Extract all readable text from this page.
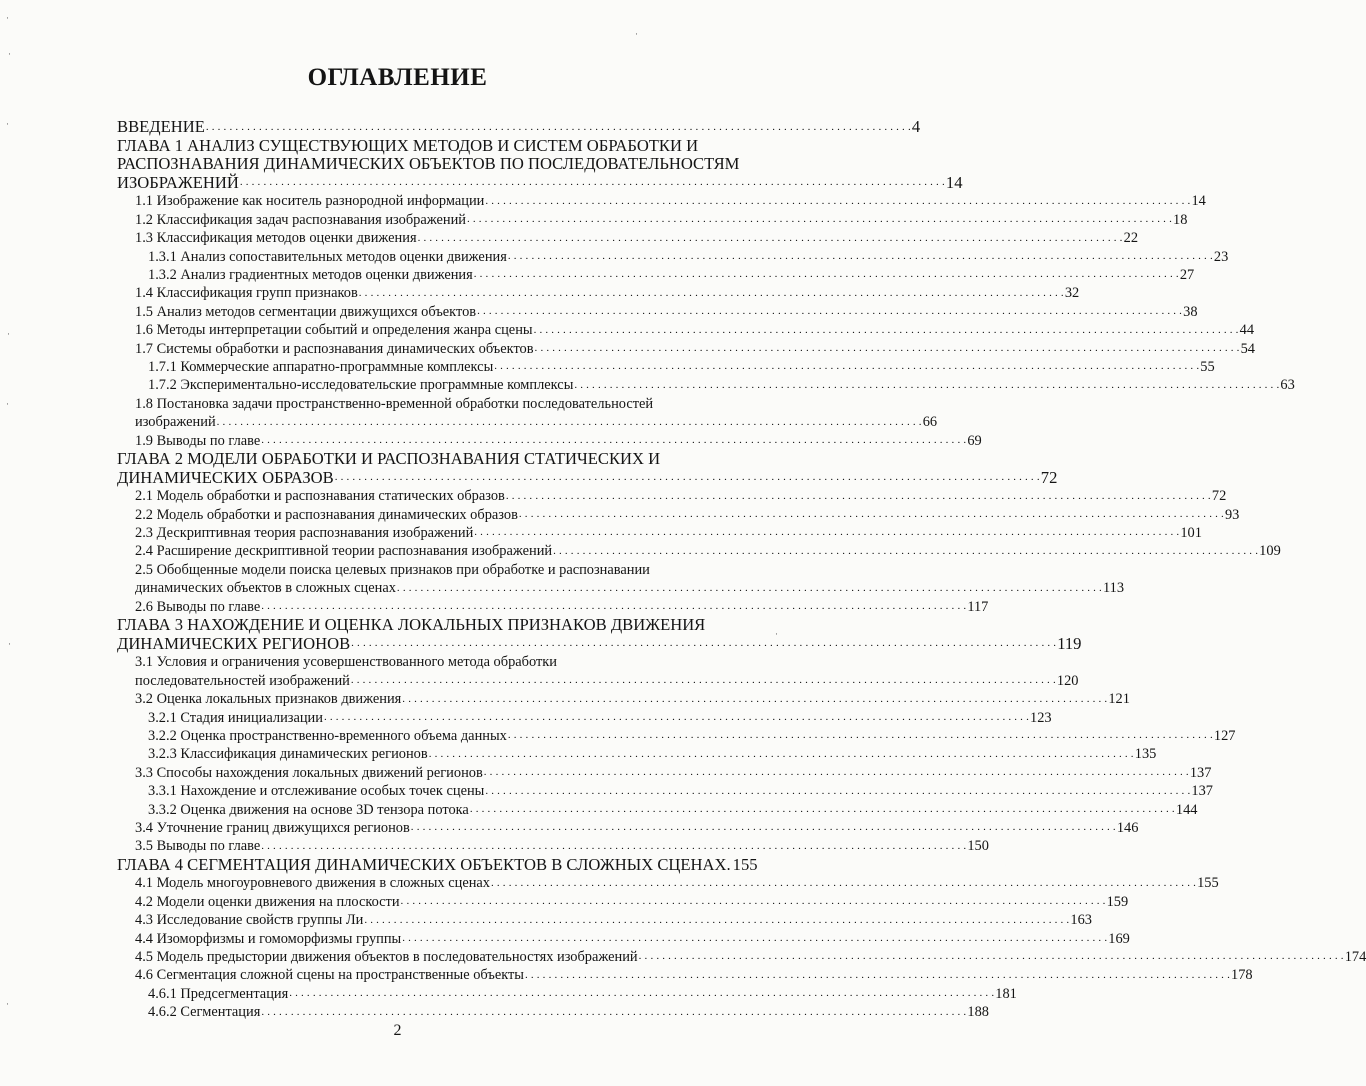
ОГЛАВЛЕНИЕ
ВВЕДЕНИЕ . . . . . . . . . . . . . . . . . . . . . . . . . . . . . . . . . . . . . . . . . . . . . . . . . . . . . . . . . . . . . . . . . . . . . . . . . . . . . . . . . . . . . . . . . . . . . . . . . . . . . . . . . . . . . . . . . . . . . . . . 4
ГЛАВА 1 АНАЛИЗ СУЩЕСТВУЮЩИХ МЕТОДОВ И СИСТЕМ ОБРАБОТКИ И
РАСПОЗНАВАНИЯ ДИНАМИЧЕСКИХ ОБЪЕКТОВ ПО ПОСЛЕДОВАТЕЛЬНОСТЯМ
ИЗОБРАЖЕНИЙ . . . . . . . . . . . . . . . . . . . . . . . . . . . . . . . . . . . . . . . . . . . . . . . . . . . . . . . . . . . . . . . . . . . . . . . . . . . . . . . . . . . . . . . . . . . . . . . . . . . . . . . . . . . . . . . . . . . . . . . . 14
1.1 Изображение как носитель разнородной информации . . . . . . . . . . . . . . . . . . . . . . . . . . . . . . . . . . . . . . . . . . . . . . . . . . . . . . . . . . . . . . . . . . . . . . . . . . . . . . . . . . . . . . . . . . . . . . . . . . . . . . . . . . . . . . . . . . . . . . . . 14
1.2 Классификация задач распознавания изображений . . . . . . . . . . . . . . . . . . . . . . . . . . . . . . . . . . . . . . . . . . . . . . . . . . . . . . . . . . . . . . . . . . . . . . . . . . . . . . . . . . . . . . . . . . . . . . . . . . . . . . . . . . . . . . . . . . . . . . . . 18
1.3 Классификация методов оценки движения . . . . . . . . . . . . . . . . . . . . . . . . . . . . . . . . . . . . . . . . . . . . . . . . . . . . . . . . . . . . . . . . . . . . . . . . . . . . . . . . . . . . . . . . . . . . . . . . . . . . . . . . . . . . . . . . . . . . . . . . 22
1.3.1 Анализ сопоставительных методов оценки движения . . . . . . . . . . . . . . . . . . . . . . . . . . . . . . . . . . . . . . . . . . . . . . . . . . . . . . . . . . . . . . . . . . . . . . . . . . . . . . . . . . . . . . . . . . . . . . . . . . . . . . . . . . . . . . . . . . . . . . . . 23
1.3.2 Анализ градиентных методов оценки движения . . . . . . . . . . . . . . . . . . . . . . . . . . . . . . . . . . . . . . . . . . . . . . . . . . . . . . . . . . . . . . . . . . . . . . . . . . . . . . . . . . . . . . . . . . . . . . . . . . . . . . . . . . . . . . . . . . . . . . . . 27
1.4 Классификация групп признаков . . . . . . . . . . . . . . . . . . . . . . . . . . . . . . . . . . . . . . . . . . . . . . . . . . . . . . . . . . . . . . . . . . . . . . . . . . . . . . . . . . . . . . . . . . . . . . . . . . . . . . . . . . . . . . . . . . . . . . . . 32
1.5 Анализ методов сегментации движущихся объектов . . . . . . . . . . . . . . . . . . . . . . . . . . . . . . . . . . . . . . . . . . . . . . . . . . . . . . . . . . . . . . . . . . . . . . . . . . . . . . . . . . . . . . . . . . . . . . . . . . . . . . . . . . . . . . . . . . . . . . . . 38
1.6 Методы интерпретации событий и определения жанра сцены . . . . . . . . . . . . . . . . . . . . . . . . . . . . . . . . . . . . . . . . . . . . . . . . . . . . . . . . . . . . . . . . . . . . . . . . . . . . . . . . . . . . . . . . . . . . . . . . . . . . . . . . . . . . . . . . . . . . . . . . 44
1.7 Системы обработки и распознавания динамических объектов . . . . . . . . . . . . . . . . . . . . . . . . . . . . . . . . . . . . . . . . . . . . . . . . . . . . . . . . . . . . . . . . . . . . . . . . . . . . . . . . . . . . . . . . . . . . . . . . . . . . . . . . . . . . . . . . . . . . . . . . 54
1.7.1 Коммерческие аппаратно-программные комплексы . . . . . . . . . . . . . . . . . . . . . . . . . . . . . . . . . . . . . . . . . . . . . . . . . . . . . . . . . . . . . . . . . . . . . . . . . . . . . . . . . . . . . . . . . . . . . . . . . . . . . . . . . . . . . . . . . . . . . . . . 55
1.7.2 Экспериментально-исследовательские программные комплексы . . . . . . . . . . . . . . . . . . . . . . . . . . . . . . . . . . . . . . . . . . . . . . . . . . . . . . . . . . . . . . . . . . . . . . . . . . . . . . . . . . . . . . . . . . . . . . . . . . . . . . . . . . . . . . . . . . . . . . . . 63
1.8 Постановка задачи пространственно-временной обработки последовательностей
изображений . . . . . . . . . . . . . . . . . . . . . . . . . . . . . . . . . . . . . . . . . . . . . . . . . . . . . . . . . . . . . . . . . . . . . . . . . . . . . . . . . . . . . . . . . . . . . . . . . . . . . . . . . . . . . . . . . . . . . . . . 66
1.9 Выводы по главе . . . . . . . . . . . . . . . . . . . . . . . . . . . . . . . . . . . . . . . . . . . . . . . . . . . . . . . . . . . . . . . . . . . . . . . . . . . . . . . . . . . . . . . . . . . . . . . . . . . . . . . . . . . . . . . . . . . . . . . . 69
ГЛАВА 2 МОДЕЛИ ОБРАБОТКИ И РАСПОЗНАВАНИЯ СТАТИЧЕСКИХ И
ДИНАМИЧЕСКИХ ОБРАЗОВ . . . . . . . . . . . . . . . . . . . . . . . . . . . . . . . . . . . . . . . . . . . . . . . . . . . . . . . . . . . . . . . . . . . . . . . . . . . . . . . . . . . . . . . . . . . . . . . . . . . . . . . . . . . . . . . . . . . . . . . . 72
2.1 Модель обработки и распознавания статических образов . . . . . . . . . . . . . . . . . . . . . . . . . . . . . . . . . . . . . . . . . . . . . . . . . . . . . . . . . . . . . . . . . . . . . . . . . . . . . . . . . . . . . . . . . . . . . . . . . . . . . . . . . . . . . . . . . . . . . . . . 72
2.2 Модель обработки и распознавания динамических образов . . . . . . . . . . . . . . . . . . . . . . . . . . . . . . . . . . . . . . . . . . . . . . . . . . . . . . . . . . . . . . . . . . . . . . . . . . . . . . . . . . . . . . . . . . . . . . . . . . . . . . . . . . . . . . . . . . . . . . . . 93
2.3 Дескриптивная теория распознавания изображений . . . . . . . . . . . . . . . . . . . . . . . . . . . . . . . . . . . . . . . . . . . . . . . . . . . . . . . . . . . . . . . . . . . . . . . . . . . . . . . . . . . . . . . . . . . . . . . . . . . . . . . . . . . . . . . . . . . . . . . . 101
2.4 Расширение дескриптивной теории распознавания изображений . . . . . . . . . . . . . . . . . . . . . . . . . . . . . . . . . . . . . . . . . . . . . . . . . . . . . . . . . . . . . . . . . . . . . . . . . . . . . . . . . . . . . . . . . . . . . . . . . . . . . . . . . . . . . . . . . . . . . . . . 109
2.5 Обобщенные модели поиска целевых признаков при обработке и распознавании
динамических объектов в сложных сценах . . . . . . . . . . . . . . . . . . . . . . . . . . . . . . . . . . . . . . . . . . . . . . . . . . . . . . . . . . . . . . . . . . . . . . . . . . . . . . . . . . . . . . . . . . . . . . . . . . . . . . . . . . . . . . . . . . . . . . . . 113
2.6 Выводы по главе . . . . . . . . . . . . . . . . . . . . . . . . . . . . . . . . . . . . . . . . . . . . . . . . . . . . . . . . . . . . . . . . . . . . . . . . . . . . . . . . . . . . . . . . . . . . . . . . . . . . . . . . . . . . . . . . . . . . . . . . 117
ГЛАВА 3 НАХОЖДЕНИЕ И ОЦЕНКА ЛОКАЛЬНЫХ ПРИЗНАКОВ ДВИЖЕНИЯ
ДИНАМИЧЕСКИХ РЕГИОНОВ . . . . . . . . . . . . . . . . . . . . . . . . . . . . . . . . . . . . . . . . . . . . . . . . . . . . . . . . . . . . . . . . . . . . . . . . . . . . . . . . . . . . . . . . . . . . . . . . . . . . . . . . . . . . . . . . . . . . . . . . 119
3.1 Условия и ограничения усовершенствованного метода обработки
последовательностей изображений . . . . . . . . . . . . . . . . . . . . . . . . . . . . . . . . . . . . . . . . . . . . . . . . . . . . . . . . . . . . . . . . . . . . . . . . . . . . . . . . . . . . . . . . . . . . . . . . . . . . . . . . . . . . . . . . . . . . . . . . 120
3.2 Оценка локальных признаков движения . . . . . . . . . . . . . . . . . . . . . . . . . . . . . . . . . . . . . . . . . . . . . . . . . . . . . . . . . . . . . . . . . . . . . . . . . . . . . . . . . . . . . . . . . . . . . . . . . . . . . . . . . . . . . . . . . . . . . . . . 121
3.2.1 Стадия инициализации . . . . . . . . . . . . . . . . . . . . . . . . . . . . . . . . . . . . . . . . . . . . . . . . . . . . . . . . . . . . . . . . . . . . . . . . . . . . . . . . . . . . . . . . . . . . . . . . . . . . . . . . . . . . . . . . . . . . . . . . 123
3.2.2 Оценка пространственно-временного объема данных . . . . . . . . . . . . . . . . . . . . . . . . . . . . . . . . . . . . . . . . . . . . . . . . . . . . . . . . . . . . . . . . . . . . . . . . . . . . . . . . . . . . . . . . . . . . . . . . . . . . . . . . . . . . . . . . . . . . . . . . 127
3.2.3 Классификация динамических регионов . . . . . . . . . . . . . . . . . . . . . . . . . . . . . . . . . . . . . . . . . . . . . . . . . . . . . . . . . . . . . . . . . . . . . . . . . . . . . . . . . . . . . . . . . . . . . . . . . . . . . . . . . . . . . . . . . . . . . . . . 135
3.3 Способы нахождения локальных движений регионов . . . . . . . . . . . . . . . . . . . . . . . . . . . . . . . . . . . . . . . . . . . . . . . . . . . . . . . . . . . . . . . . . . . . . . . . . . . . . . . . . . . . . . . . . . . . . . . . . . . . . . . . . . . . . . . . . . . . . . . . 137
3.3.1 Нахождение и отслеживание особых точек сцены . . . . . . . . . . . . . . . . . . . . . . . . . . . . . . . . . . . . . . . . . . . . . . . . . . . . . . . . . . . . . . . . . . . . . . . . . . . . . . . . . . . . . . . . . . . . . . . . . . . . . . . . . . . . . . . . . . . . . . . . 137
3.3.2 Оценка движения на основе 3D тензора потока . . . . . . . . . . . . . . . . . . . . . . . . . . . . . . . . . . . . . . . . . . . . . . . . . . . . . . . . . . . . . . . . . . . . . . . . . . . . . . . . . . . . . . . . . . . . . . . . . . . . . . . . . . . . . . . . . . . . . . . . 144
3.4 Уточнение границ движущихся регионов . . . . . . . . . . . . . . . . . . . . . . . . . . . . . . . . . . . . . . . . . . . . . . . . . . . . . . . . . . . . . . . . . . . . . . . . . . . . . . . . . . . . . . . . . . . . . . . . . . . . . . . . . . . . . . . . . . . . . . . . 146
3.5 Выводы по главе . . . . . . . . . . . . . . . . . . . . . . . . . . . . . . . . . . . . . . . . . . . . . . . . . . . . . . . . . . . . . . . . . . . . . . . . . . . . . . . . . . . . . . . . . . . . . . . . . . . . . . . . . . . . . . . . . . . . . . . . 150
ГЛАВА 4 СЕГМЕНТАЦИЯ ДИНАМИЧЕСКИХ ОБЪЕКТОВ В СЛОЖНЫХ СЦЕНАХ. 155
4.1 Модель многоуровневого движения в сложных сценах . . . . . . . . . . . . . . . . . . . . . . . . . . . . . . . . . . . . . . . . . . . . . . . . . . . . . . . . . . . . . . . . . . . . . . . . . . . . . . . . . . . . . . . . . . . . . . . . . . . . . . . . . . . . . . . . . . . . . . . . 155
4.2 Модели оценки движения на плоскости . . . . . . . . . . . . . . . . . . . . . . . . . . . . . . . . . . . . . . . . . . . . . . . . . . . . . . . . . . . . . . . . . . . . . . . . . . . . . . . . . . . . . . . . . . . . . . . . . . . . . . . . . . . . . . . . . . . . . . . . 159
4.3 Исследование свойств группы Ли . . . . . . . . . . . . . . . . . . . . . . . . . . . . . . . . . . . . . . . . . . . . . . . . . . . . . . . . . . . . . . . . . . . . . . . . . . . . . . . . . . . . . . . . . . . . . . . . . . . . . . . . . . . . . . . . . . . . . . . . 163
4.4 Изоморфизмы и гомоморфизмы группы . . . . . . . . . . . . . . . . . . . . . . . . . . . . . . . . . . . . . . . . . . . . . . . . . . . . . . . . . . . . . . . . . . . . . . . . . . . . . . . . . . . . . . . . . . . . . . . . . . . . . . . . . . . . . . . . . . . . . . . . 169
4.5 Модель предыстории движения объектов в последовательностях изображений . . . . . . . . . . . . . . . . . . . . . . . . . . . . . . . . . . . . . . . . . . . . . . . . . . . . . . . . . . . . . . . . . . . . . . . . . . . . . . . . . . . . . . . . . . . . . . . . . . . . . . . . . . . . . . . . . . . . . . . . 174
4.6 Сегментация сложной сцены на пространственные объекты . . . . . . . . . . . . . . . . . . . . . . . . . . . . . . . . . . . . . . . . . . . . . . . . . . . . . . . . . . . . . . . . . . . . . . . . . . . . . . . . . . . . . . . . . . . . . . . . . . . . . . . . . . . . . . . . . . . . . . . . 178
4.6.1 Предсегментация . . . . . . . . . . . . . . . . . . . . . . . . . . . . . . . . . . . . . . . . . . . . . . . . . . . . . . . . . . . . . . . . . . . . . . . . . . . . . . . . . . . . . . . . . . . . . . . . . . . . . . . . . . . . . . . . . . . . . . . . 181
4.6.2 Сегментация . . . . . . . . . . . . . . . . . . . . . . . . . . . . . . . . . . . . . . . . . . . . . . . . . . . . . . . . . . . . . . . . . . . . . . . . . . . . . . . . . . . . . . . . . . . . . . . . . . . . . . . . . . . . . . . . . . . . . . . . 188
2
·
·
·
·
·
·
·
·
·
